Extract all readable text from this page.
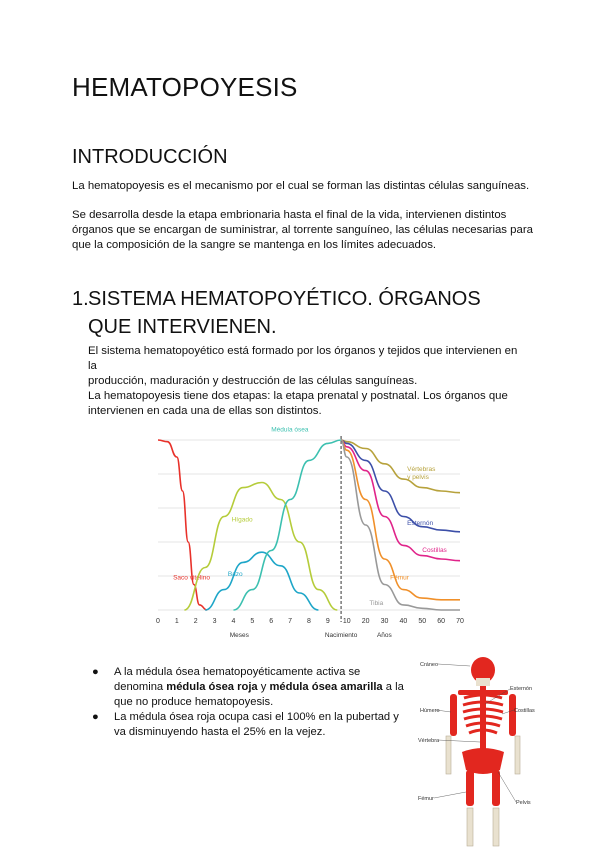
HEMATOPOYESIS
INTRODUCCIÓN
La hematopoyesis es el mecanismo por el cual se forman las distintas células sanguíneas.
Se desarrolla desde la etapa embrionaria hasta el final de la vida, intervienen distintos
órganos que se encargan de suministrar, al torrente sanguíneo, las células necesarias para
que la composición de la sangre se mantenga en los límites adecuados.
1.SISTEMA HEMATOPOYÉTICO. ÓRGANOS
QUE INTERVIENEN.
El sistema hematopoyético está formado por los órganos y tejidos que intervienen en la
producción, maduración y destrucción de las células sanguíneas.
La hematopoyesis tiene dos etapas: la etapa prenatal y postnatal. Los órganos que
intervienen en cada una de ellas son distintos.
0 1 2 3 4 5 6 7 8 9 10 20 30 40 50 60 70
Meses	Nacimiento	Años
Saco vitelino
Hígado
Bazo
Médula ósea
Vértebras
y pelvis
Esternón
Costillas
Fémur
Tibia
● A la médula ósea hematopoyéticamente activa se denomina médula ósea roja y médula ósea amarilla a la que no produce hematopoyesis.
● La médula ósea roja ocupa casi el 100% en la pubertad y va disminuyendo hasta el 25% en la vejez.
Cráneo
Esternón
Húmero	Costillas
Vértebra
Fémur
Pelvis
